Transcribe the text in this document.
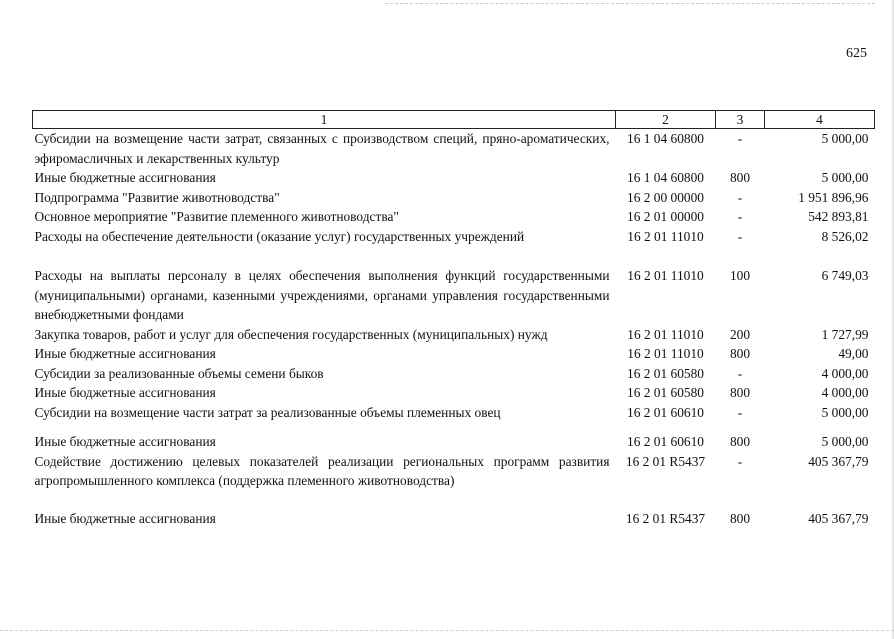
625
1	2	3	4
Субсидии на возмещение части затрат, связанных с производством специй, пряно-ароматических, эфиромасличных и лекарственных культур	16 1 04 60800	-	5 000,00
Иные бюджетные ассигнования	16 1 04 60800	800	5 000,00
Подпрограмма "Развитие животноводства"	16 2 00 00000	-	1 951 896,96
Основное мероприятие "Развитие племенного животноводства"	16 2 01 00000	-	542 893,81
Расходы на обеспечение деятельности (оказание услуг) государственных учреждений	16 2 01 11010	-	8 526,02
Расходы на выплаты персоналу в целях обеспечения выполнения функций государственными (муниципальными) органами, казенными учреждениями, органами управления государственными внебюджетными фондами	16 2 01 11010	100	6 749,03
Закупка товаров, работ и услуг для обеспечения государственных (муниципальных) нужд	16 2 01 11010	200	1 727,99
Иные бюджетные ассигнования	16 2 01 11010	800	49,00
Субсидии за реализованные объемы семени быков	16 2 01 60580	-	4 000,00
Иные бюджетные ассигнования	16 2 01 60580	800	4 000,00
Субсидии на возмещение части затрат за реализованные объемы племенных овец	16 2 01 60610	-	5 000,00
Иные бюджетные ассигнования	16 2 01 60610	800	5 000,00
Содействие достижению целевых показателей реализации региональных программ развития агропромышленного комплекса (поддержка племенного животноводства)	16 2 01 R5437	-	405 367,79
Иные бюджетные ассигнования	16 2 01 R5437	800	405 367,79
